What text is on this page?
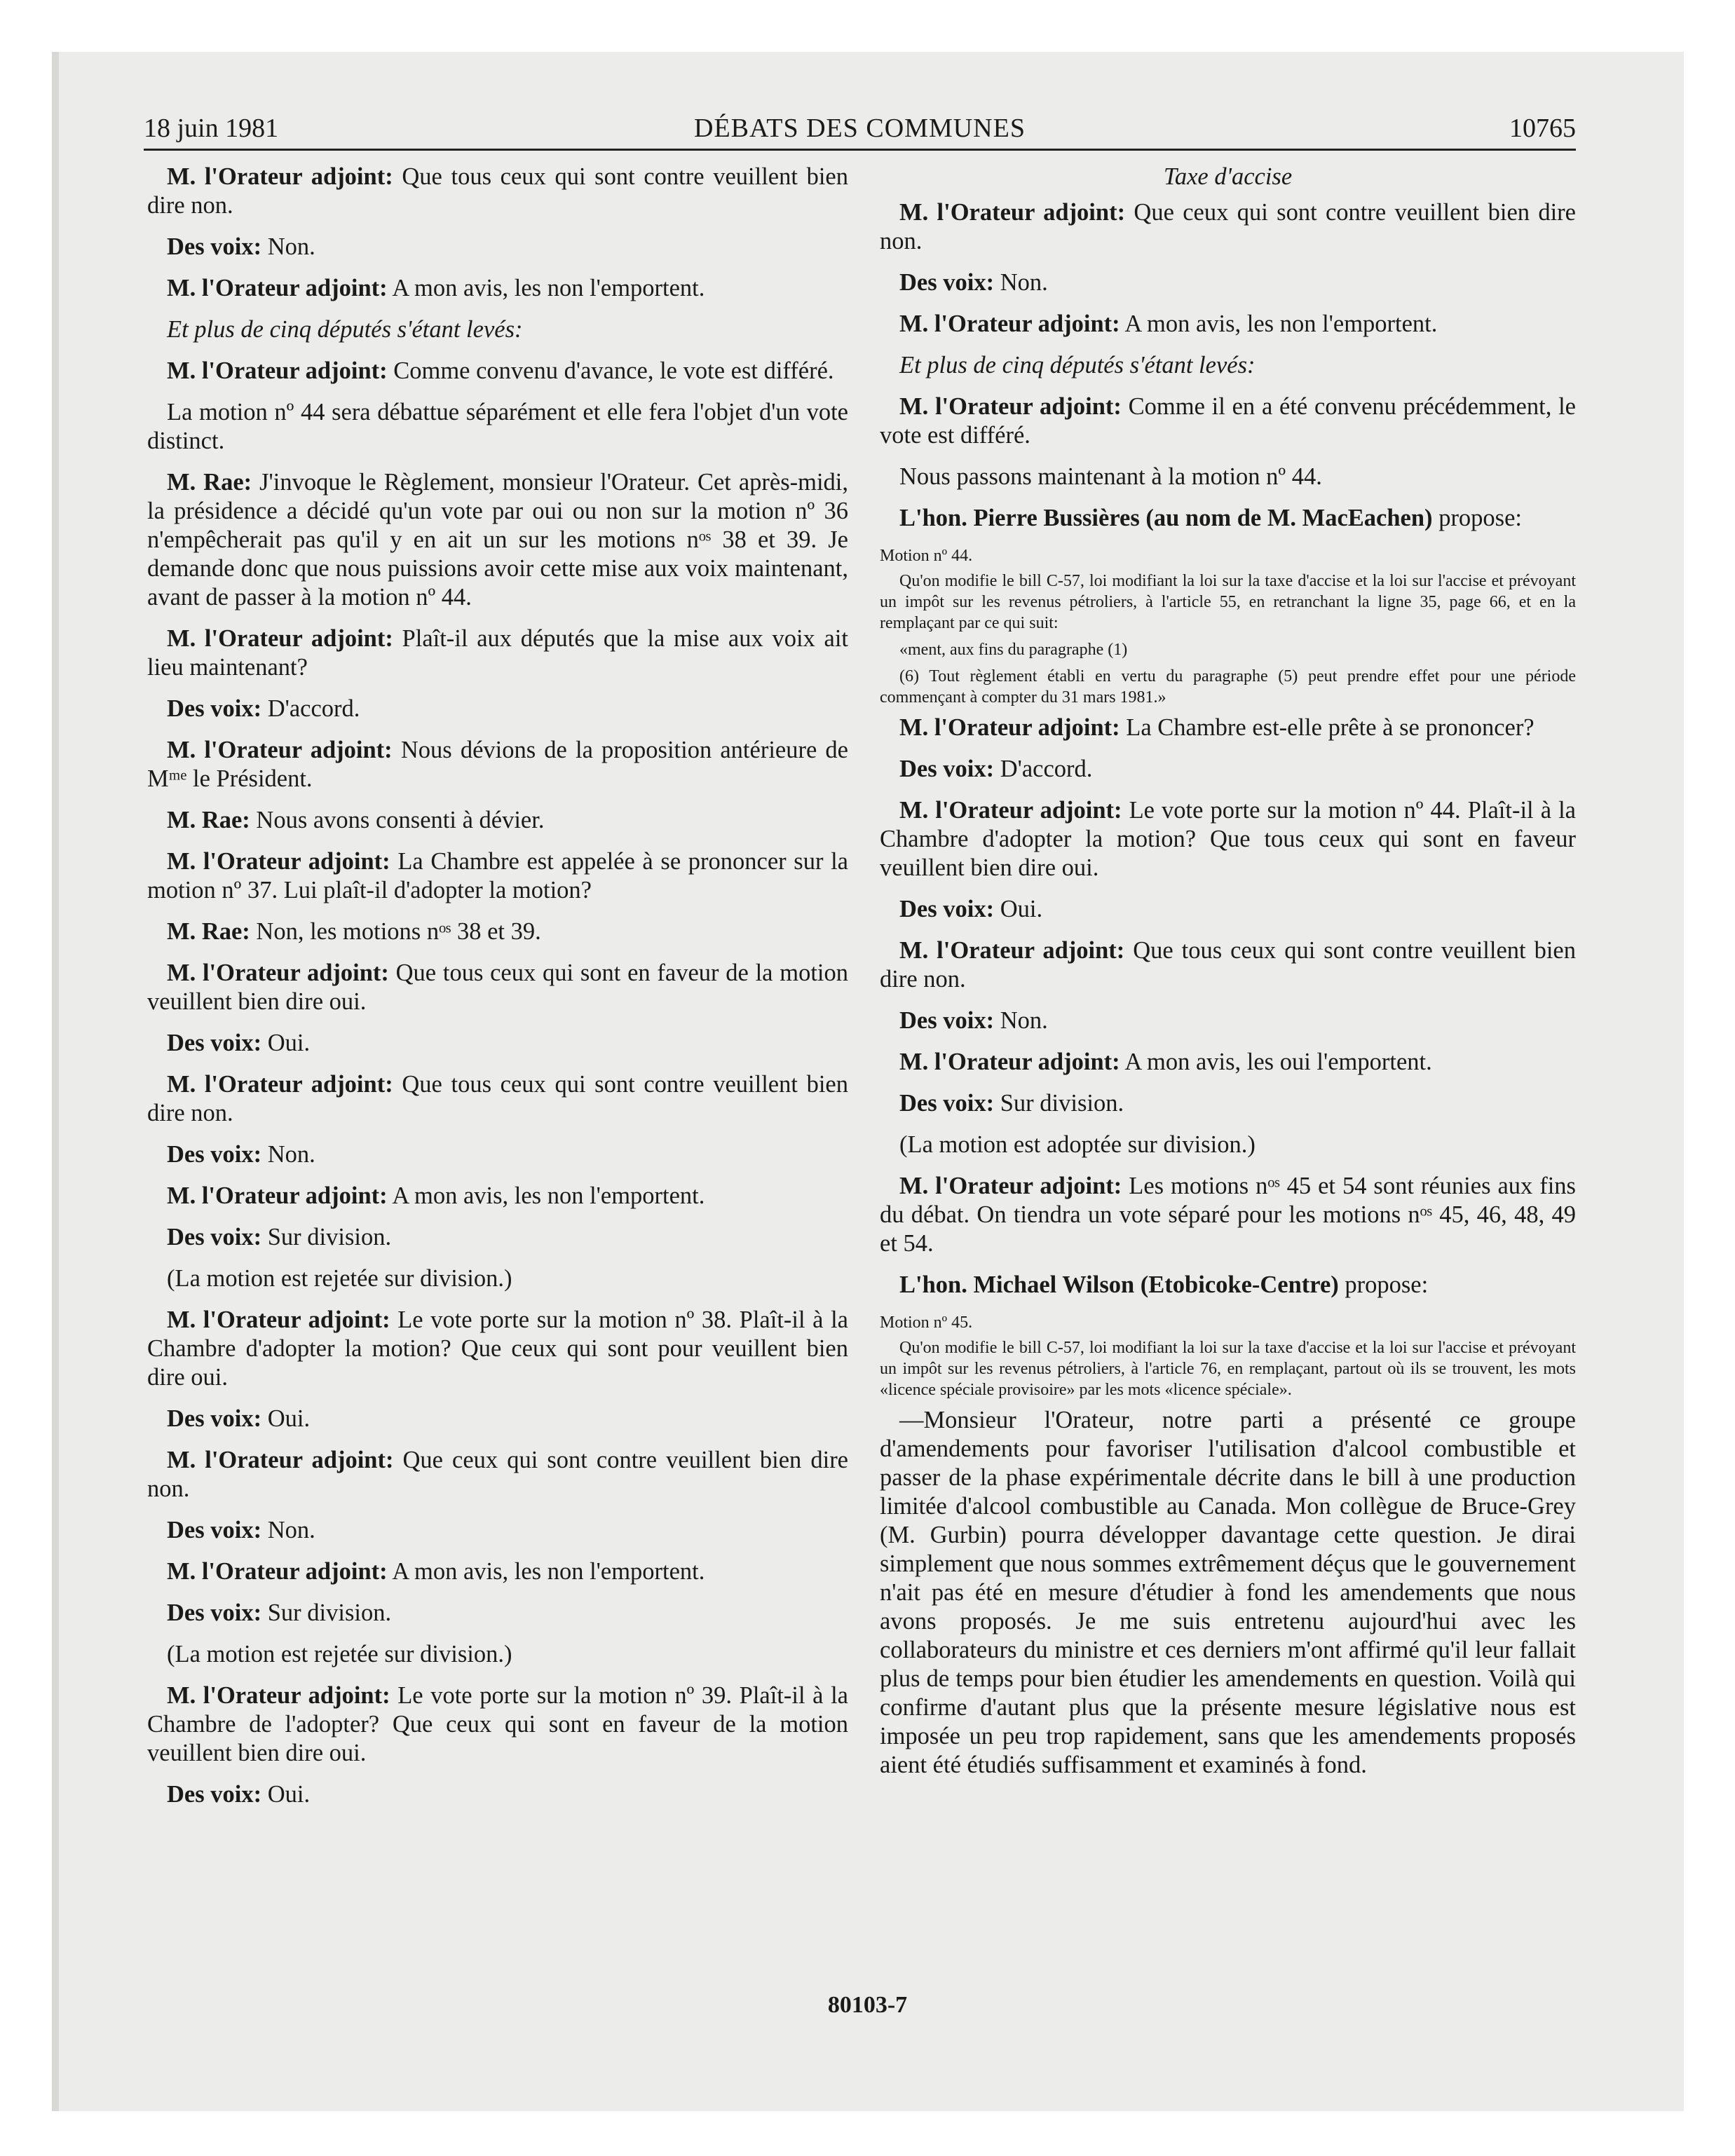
18 juin 1981	DÉBATS DES COMMUNES	10765
M. l'Orateur adjoint: Que tous ceux qui sont contre veuillent bien dire non.
Des voix: Non.
M. l'Orateur adjoint: A mon avis, les non l'emportent.
Et plus de cinq députés s'étant levés:
M. l'Orateur adjoint: Comme convenu d'avance, le vote est différé.
La motion nº 44 sera débattue séparément et elle fera l'objet d'un vote distinct.
M. Rae: J'invoque le Règlement, monsieur l'Orateur. Cet après-midi, la présidence a décidé qu'un vote par oui ou non sur la motion nº 36 n'empêcherait pas qu'il y en ait un sur les motions nᵒˢ 38 et 39. Je demande donc que nous puissions avoir cette mise aux voix maintenant, avant de passer à la motion nº 44.
M. l'Orateur adjoint: Plaît-il aux députés que la mise aux voix ait lieu maintenant?
Des voix: D'accord.
M. l'Orateur adjoint: Nous dévions de la proposition antérieure de Mᵐᵉ le Président.
M. Rae: Nous avons consenti à dévier.
M. l'Orateur adjoint: La Chambre est appelée à se prononcer sur la motion nº 37. Lui plaît-il d'adopter la motion?
M. Rae: Non, les motions nᵒˢ 38 et 39.
M. l'Orateur adjoint: Que tous ceux qui sont en faveur de la motion veuillent bien dire oui.
Des voix: Oui.
M. l'Orateur adjoint: Que tous ceux qui sont contre veuillent bien dire non.
Des voix: Non.
M. l'Orateur adjoint: A mon avis, les non l'emportent.
Des voix: Sur division.
(La motion est rejetée sur division.)
M. l'Orateur adjoint: Le vote porte sur la motion nº 38. Plaît-il à la Chambre d'adopter la motion? Que ceux qui sont pour veuillent bien dire oui.
Des voix: Oui.
M. l'Orateur adjoint: Que ceux qui sont contre veuillent bien dire non.
Des voix: Non.
M. l'Orateur adjoint: A mon avis, les non l'emportent.
Des voix: Sur division.
(La motion est rejetée sur division.)
M. l'Orateur adjoint: Le vote porte sur la motion nº 39. Plaît-il à la Chambre de l'adopter? Que ceux qui sont en faveur de la motion veuillent bien dire oui.
Des voix: Oui.
Taxe d'accise
M. l'Orateur adjoint: Que ceux qui sont contre veuillent bien dire non.
Des voix: Non.
M. l'Orateur adjoint: A mon avis, les non l'emportent.
Et plus de cinq députés s'étant levés:
M. l'Orateur adjoint: Comme il en a été convenu précédemment, le vote est différé.
Nous passons maintenant à la motion nº 44.
L'hon. Pierre Bussières (au nom de M. MacEachen) propose:
Motion nº 44.
Qu'on modifie le bill C-57, loi modifiant la loi sur la taxe d'accise et la loi sur l'accise et prévoyant un impôt sur les revenus pétroliers, à l'article 55, en retranchant la ligne 35, page 66, et en la remplaçant par ce qui suit:
«ment, aux fins du paragraphe (1)
(6) Tout règlement établi en vertu du paragraphe (5) peut prendre effet pour une période commençant à compter du 31 mars 1981.»
M. l'Orateur adjoint: La Chambre est-elle prête à se prononcer?
Des voix: D'accord.
M. l'Orateur adjoint: Le vote porte sur la motion nº 44. Plaît-il à la Chambre d'adopter la motion? Que tous ceux qui sont en faveur veuillent bien dire oui.
Des voix: Oui.
M. l'Orateur adjoint: Que tous ceux qui sont contre veuillent bien dire non.
Des voix: Non.
M. l'Orateur adjoint: A mon avis, les oui l'emportent.
Des voix: Sur division.
(La motion est adoptée sur division.)
M. l'Orateur adjoint: Les motions nᵒˢ 45 et 54 sont réunies aux fins du débat. On tiendra un vote séparé pour les motions nᵒˢ 45, 46, 48, 49 et 54.
L'hon. Michael Wilson (Etobicoke-Centre) propose:
Motion nº 45.
Qu'on modifie le bill C-57, loi modifiant la loi sur la taxe d'accise et la loi sur l'accise et prévoyant un impôt sur les revenus pétroliers, à l'article 76, en remplaçant, partout où ils se trouvent, les mots «licence spéciale provisoire» par les mots «licence spéciale».
—Monsieur l'Orateur, notre parti a présenté ce groupe d'amendements pour favoriser l'utilisation d'alcool combustible et passer de la phase expérimentale décrite dans le bill à une production limitée d'alcool combustible au Canada. Mon collègue de Bruce-Grey (M. Gurbin) pourra développer davantage cette question. Je dirai simplement que nous sommes extrêmement déçus que le gouvernement n'ait pas été en mesure d'étudier à fond les amendements que nous avons proposés. Je me suis entretenu aujourd'hui avec les collaborateurs du ministre et ces derniers m'ont affirmé qu'il leur fallait plus de temps pour bien étudier les amendements en question. Voilà qui confirme d'autant plus que la présente mesure législative nous est imposée un peu trop rapidement, sans que les amendements proposés aient été étudiés suffisamment et examinés à fond.
80103-7
